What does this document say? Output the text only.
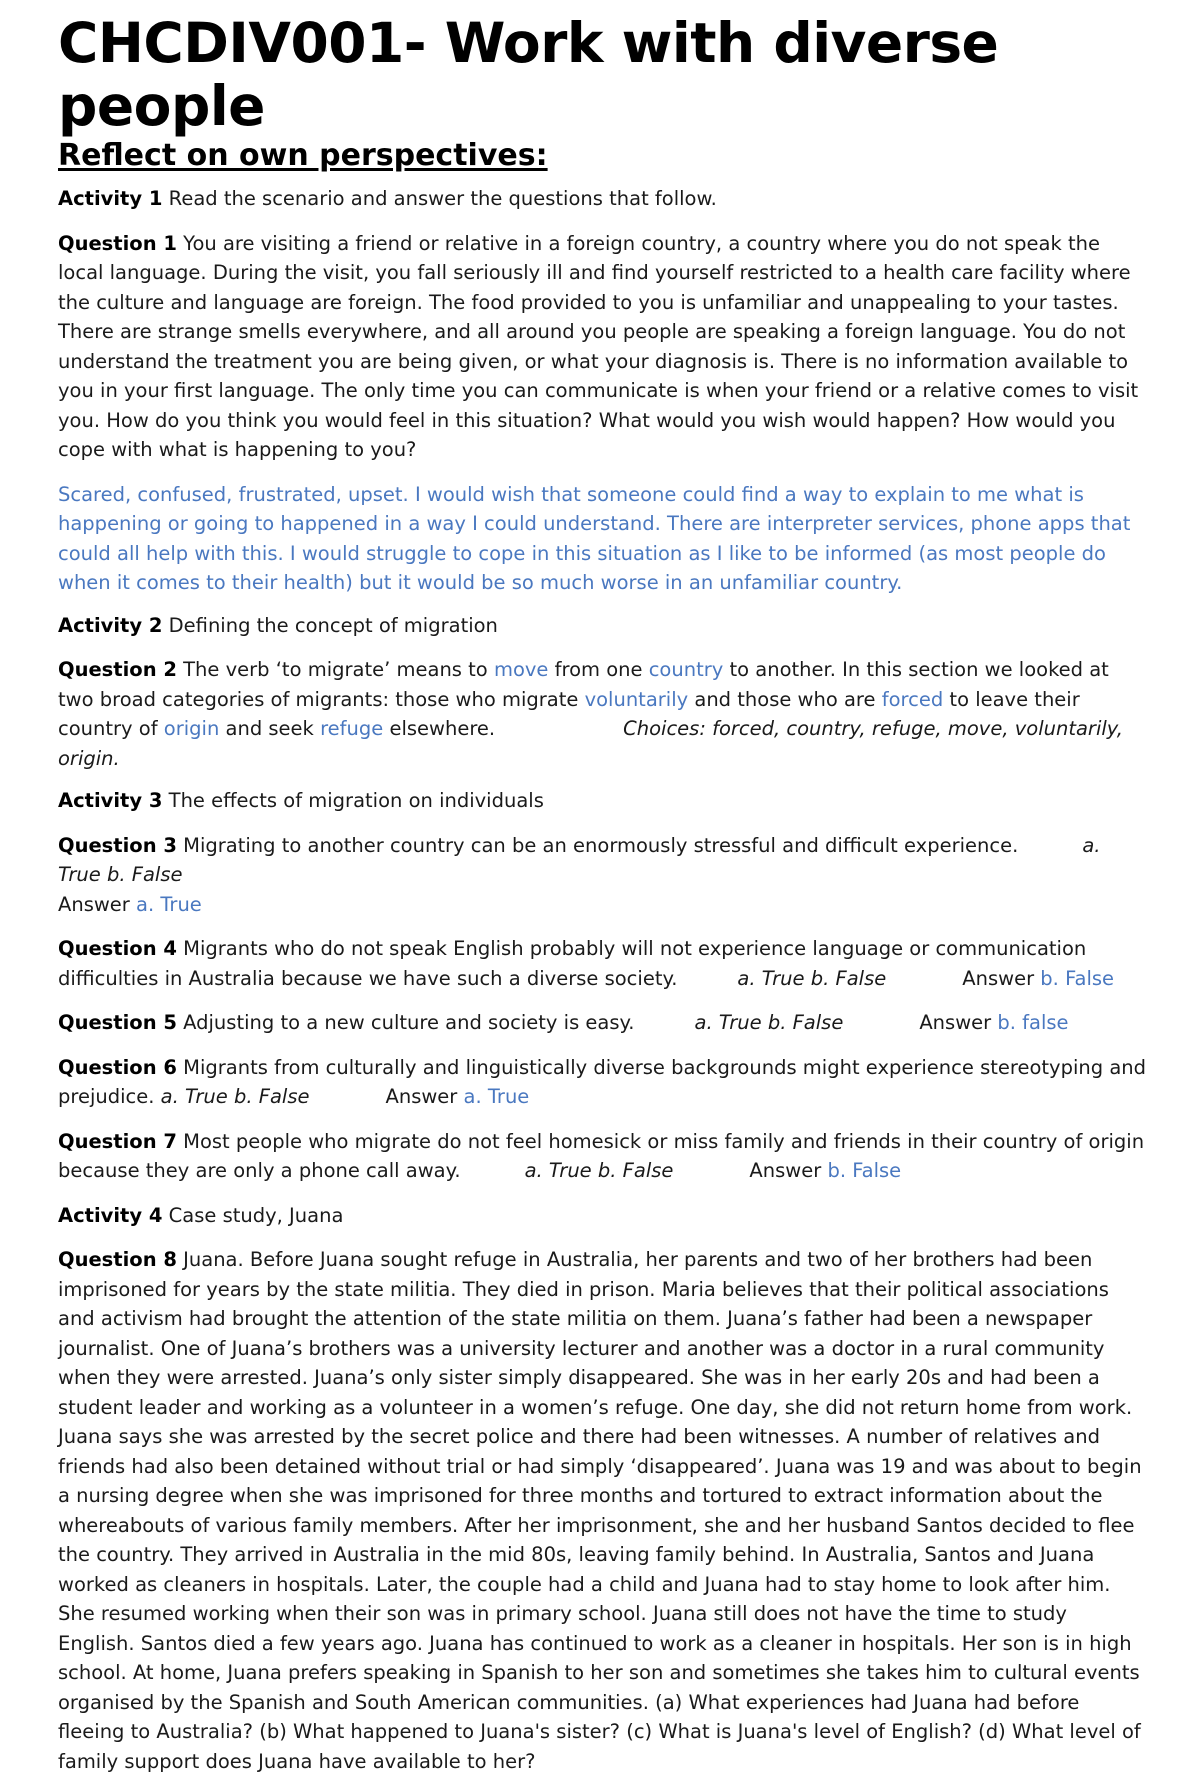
CHCDIV001- Work with diverse people
Reflect on own perspectives:

Activity 1 Read the scenario and answer the questions that follow.

Question 1 You are visiting a friend or relative in a foreign country, a country where you do not speak the local language. During the visit, you fall seriously ill and find yourself restricted to a health care facility where the culture and language are foreign. The food provided to you is unfamiliar and unappealing to your tastes. There are strange smells everywhere, and all around you people are speaking a foreign language. You do not understand the treatment you are being given, or what your diagnosis is. There is no information available to you in your first language. The only time you can communicate is when your friend or a relative comes to visit you. How do you think you would feel in this situation? What would you wish would happen? How would you cope with what is happening to you?

Scared, confused, frustrated, upset. I would wish that someone could find a way to explain to me what is happening or going to happened in a way I could understand. There are interpreter services, phone apps that could all help with this. I would struggle to cope in this situation as I like to be informed (as most people do when it comes to their health) but it would be so much worse in an unfamiliar country.

Activity 2 Defining the concept of migration

Question 2 The verb ‘to migrate’ means to move from one country to another. In this section we looked at two broad categories of migrants: those who migrate voluntarily and those who are forced to leave their country of origin and seek refuge elsewhere.	Choices: forced, country, refuge, move, voluntarily, origin.

Activity 3 The effects of migration on individuals

Question 3 Migrating to another country can be an enormously stressful and difficult experience.	a. True b. False
Answer a. True

Question 4 Migrants who do not speak English probably will not experience language or communication difficulties in Australia because we have such a diverse society.	a. True b. False	Answer b. False

Question 5 Adjusting to a new culture and society is easy.	a. True b. False	Answer b. false

Question 6 Migrants from culturally and linguistically diverse backgrounds might experience stereotyping and prejudice. a. True b. False	Answer a. True

Question 7 Most people who migrate do not feel homesick or miss family and friends in their country of origin because they are only a phone call away.	a. True b. False	Answer b. False

Activity 4 Case study, Juana

Question 8 Juana. Before Juana sought refuge in Australia, her parents and two of her brothers had been imprisoned for years by the state militia. They died in prison. Maria believes that their political associations and activism had brought the attention of the state militia on them. Juana’s father had been a newspaper journalist. One of Juana’s brothers was a university lecturer and another was a doctor in a rural community when they were arrested. Juana’s only sister simply disappeared. She was in her early 20s and had been a student leader and working as a volunteer in a women’s refuge. One day, she did not return home from work. Juana says she was arrested by the secret police and there had been witnesses. A number of relatives and friends had also been detained without trial or had simply ‘disappeared’. Juana was 19 and was about to begin a nursing degree when she was imprisoned for three months and tortured to extract information about the whereabouts of various family members. After her imprisonment, she and her husband Santos decided to flee the country. They arrived in Australia in the mid 80s, leaving family behind. In Australia, Santos and Juana worked as cleaners in hospitals. Later, the couple had a child and Juana had to stay home to look after him. She resumed working when their son was in primary school. Juana still does not have the time to study English. Santos died a few years ago. Juana has continued to work as a cleaner in hospitals. Her son is in high school. At home, Juana prefers speaking in Spanish to her son and sometimes she takes him to cultural events organised by the Spanish and South American communities. (a) What experiences had Juana had before fleeing to Australia? (b) What happened to Juana's sister? (c) What is Juana's level of English? (d) What level of family support does Juana have available to her?
